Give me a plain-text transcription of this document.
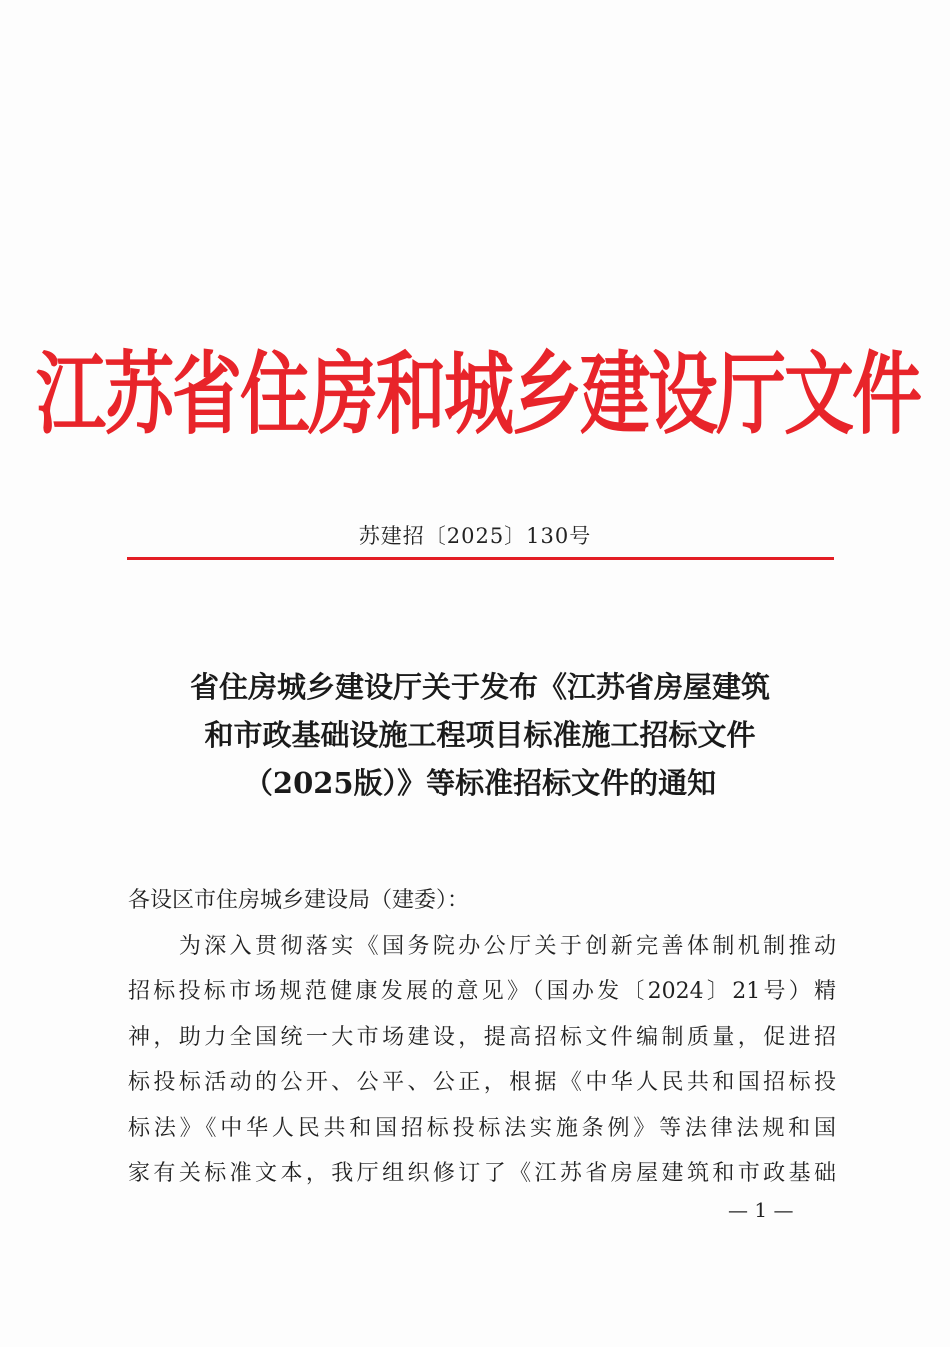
江苏省住房和城乡建设厅文件
苏建招〔2025〕130号
省住房城乡建设厅关于发布《江苏省房屋建筑
和市政基础设施工程项目标准施工招标文件
（2025版）》等标准招标文件的通知
各设区市住房城乡建设局（建委）：
　　为深入贯彻落实《国务院办公厅关于创新完善体制机制推动
招标投标市场规范健康发展的意见》（国办发〔2024〕21号）精
神，助力全国统一大市场建设，提高招标文件编制质量，促进招
标投标活动的公开、公平、公正，根据《中华人民共和国招标投
标法》《中华人民共和国招标投标法实施条例》等法律法规和国
家有关标准文本，我厅组织修订了《江苏省房屋建筑和市政基础
— 1 —
